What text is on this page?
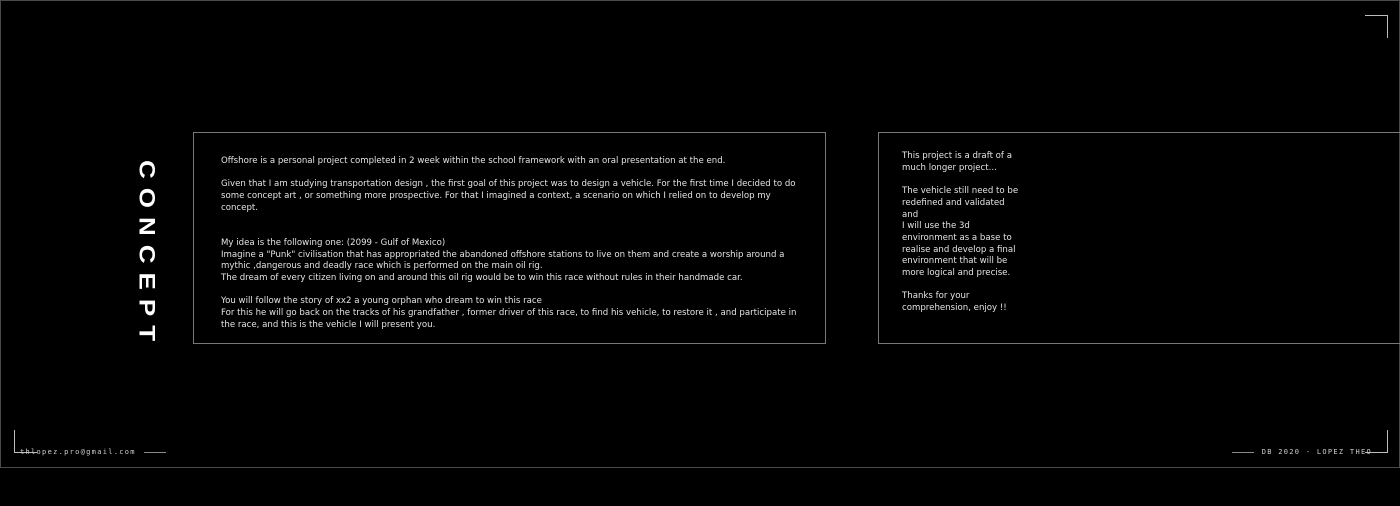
CONCEPT	Offshore is a personal project completed in 2 week within the school framework with an oral presentation at the end.

Given that I am studying transportation design , the first goal of this project was to design a vehicle. For the first time I decided to do
some concept art , or something more prospective. For that I imagined a context, a scenario on which I relied on to develop my concept.

My idea is the following one: (2099 - Gulf of Mexico)
Imagine a "Punk" civilisation that has appropriated the abandoned offshore stations to live on them and create a worship around a
mythic ,dangerous and deadly race which is performed on the main oil rig.
The dream of every citizen living on and around this oil rig would be to win this race without rules in their handmade car.

You will follow the story of xx2 a young orphan who dream to win this race
For this he will go back on the tracks of his grandfather , former driver of this race, to find his vehicle, to restore it , and participate in
the race, and this is the vehicle I will present you.

This project is a draft of a
much longer project...

The vehicle still need to be
redefined and validated and
I will use the 3d
environment as a base to
realise and develop a final
environment that will be
more logical and precise.

Thanks for your
comprehension, enjoy !!

thlopez.pro@gmail.com	DB 2020 - LOPEZ THEO
